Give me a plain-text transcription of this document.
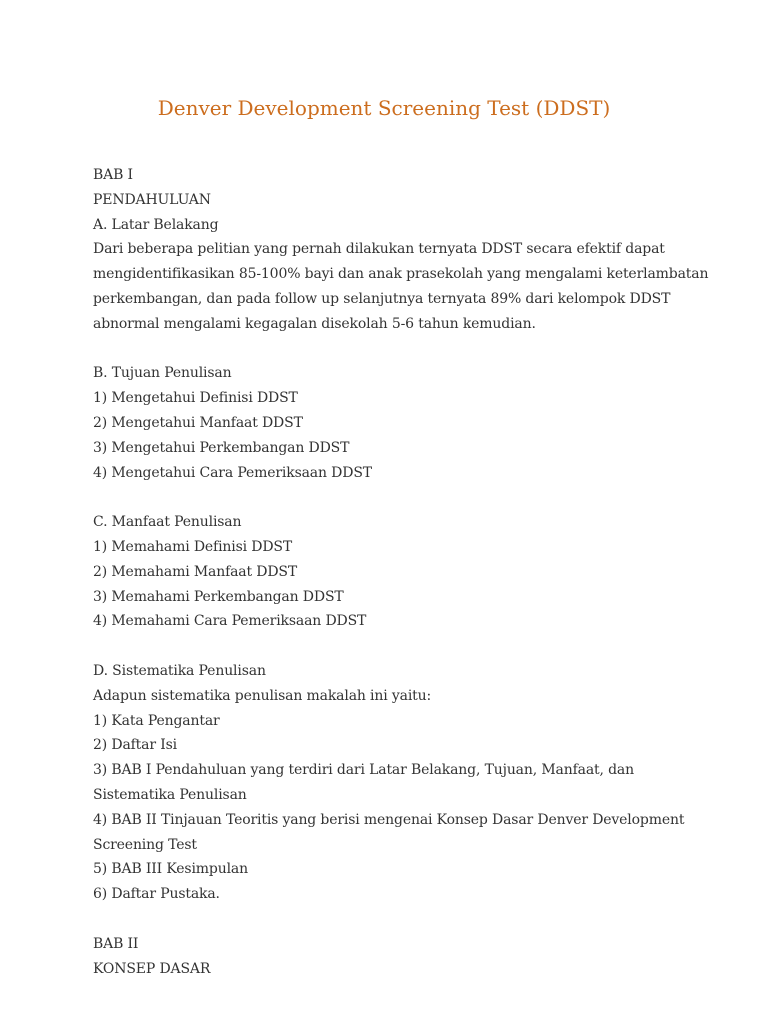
Denver Development Screening Test (DDST)
BAB I
PENDAHULUAN
A. Latar Belakang
Dari beberapa pelitian yang pernah dilakukan ternyata DDST secara efektif dapat
mengidentifikasikan 85-100% bayi dan anak prasekolah yang mengalami keterlambatan
perkembangan, dan pada follow up selanjutnya ternyata 89% dari kelompok DDST
abnormal mengalami kegagalan disekolah 5-6 tahun kemudian.
B. Tujuan Penulisan
1) Mengetahui Definisi DDST
2) Mengetahui Manfaat DDST
3) Mengetahui Perkembangan DDST
4) Mengetahui Cara Pemeriksaan DDST
C. Manfaat Penulisan
1) Memahami Definisi DDST
2) Memahami Manfaat DDST
3) Memahami Perkembangan DDST
4) Memahami Cara Pemeriksaan DDST
D. Sistematika Penulisan
Adapun sistematika penulisan makalah ini yaitu:
1) Kata Pengantar
2) Daftar Isi
3) BAB I Pendahuluan yang terdiri dari Latar Belakang, Tujuan, Manfaat, dan
Sistematika Penulisan
4) BAB II Tinjauan Teoritis yang berisi mengenai Konsep Dasar Denver Development
Screening Test
5) BAB III Kesimpulan
6) Daftar Pustaka.
BAB II
KONSEP DASAR
